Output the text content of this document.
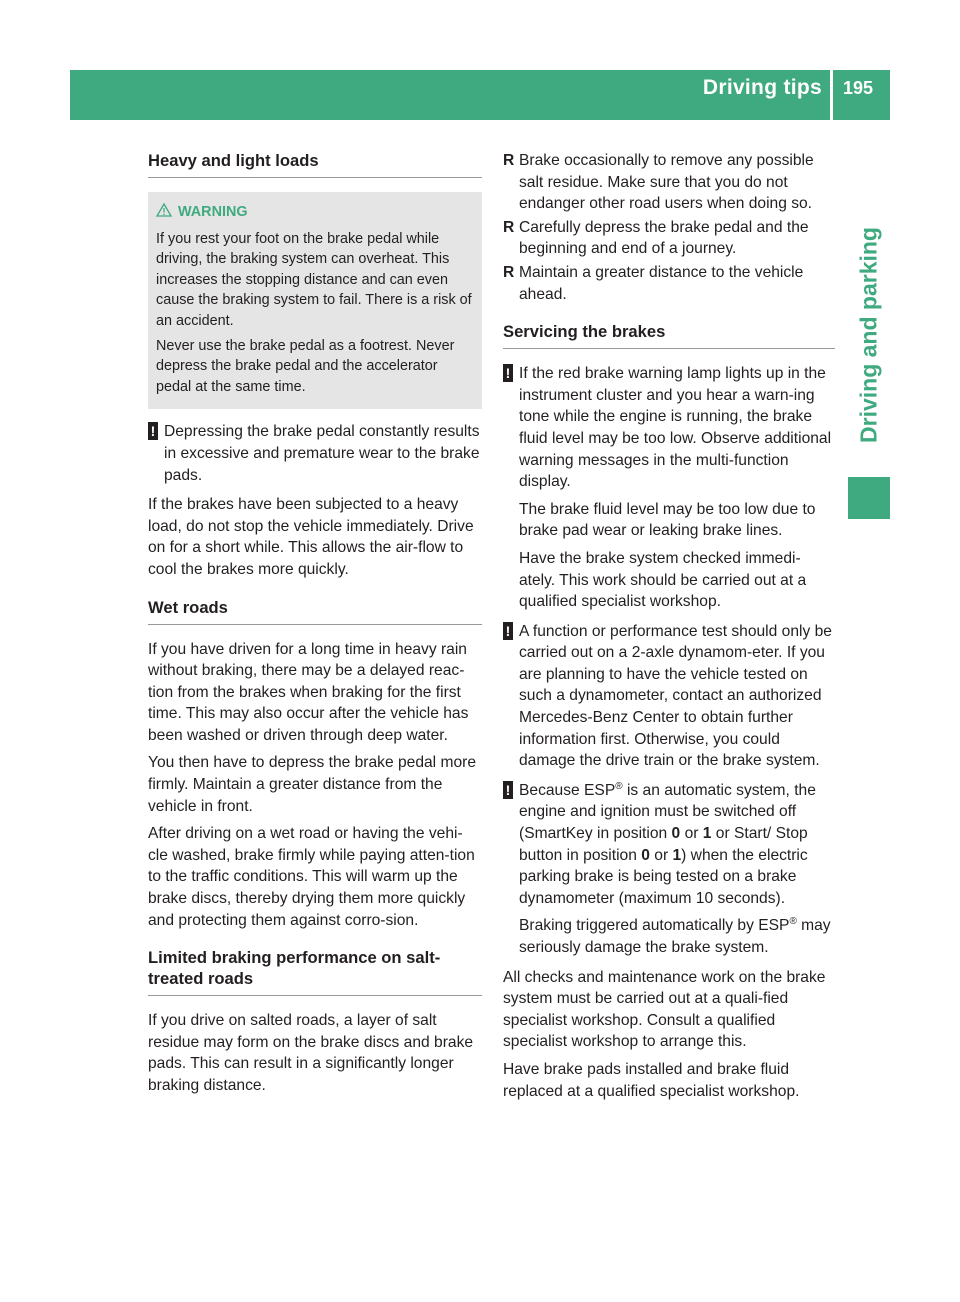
Driving tips 195
Driving and parking
Heavy and light loads
WARNING

If you rest your foot on the brake pedal while driving, the braking system can overheat. This increases the stopping distance and can even cause the braking system to fail. There is a risk of an accident.

Never use the brake pedal as a footrest. Never depress the brake pedal and the accelerator pedal at the same time.

! Depressing the brake pedal constantly results in excessive and premature wear to the brake pads.

If the brakes have been subjected to a heavy load, do not stop the vehicle immediately. Drive on for a short while. This allows the air-flow to cool the brakes more quickly.

Wet roads

If you have driven for a long time in heavy rain without braking, there may be a delayed reac-tion from the brakes when braking for the first time. This may also occur after the vehicle has been washed or driven through deep water.

You then have to depress the brake pedal more firmly. Maintain a greater distance from the vehicle in front.

After driving on a wet road or having the vehi-cle washed, brake firmly while paying atten-tion to the traffic conditions. This will warm up the brake discs, thereby drying them more quickly and protecting them against corro-sion.

Limited braking performance on salt-
treated roads

If you drive on salted roads, a layer of salt residue may form on the brake discs and brake pads. This can result in a significantly longer braking distance.

R Brake occasionally to remove any possible salt residue. Make sure that you do not endanger other road users when doing so.
R Carefully depress the brake pedal and the beginning and end of a journey.
R Maintain a greater distance to the vehicle ahead.
Servicing the brakes
! If the red brake warning lamp lights up in the instrument cluster and you hear a warn-ing tone while the engine is running, the brake fluid level may be too low. Observe additional warning messages in the multi-function display.

The brake fluid level may be too low due to brake pad wear or leaking brake lines.

Have the brake system checked immedi-ately. This work should be carried out at a qualified specialist workshop.

! A function or performance test should only be carried out on a 2-axle dynamom-eter. If you are planning to have the vehicle tested on such a dynamometer, contact an authorized Mercedes-Benz Center to obtain further information first. Otherwise, you could damage the drive train or the brake system.

! Because ESP® is an automatic system, the engine and ignition must be switched off (SmartKey in position 0 or 1 or Start/ Stop button in position 0 or 1) when the electric parking brake is being tested on a brake dynamometer (maximum 10 seconds).

Braking triggered automatically by ESP® may seriously damage the brake system.

All checks and maintenance work on the brake system must be carried out at a quali-fied specialist workshop. Consult a qualified specialist workshop to arrange this.

Have brake pads installed and brake fluid replaced at a qualified specialist workshop.
